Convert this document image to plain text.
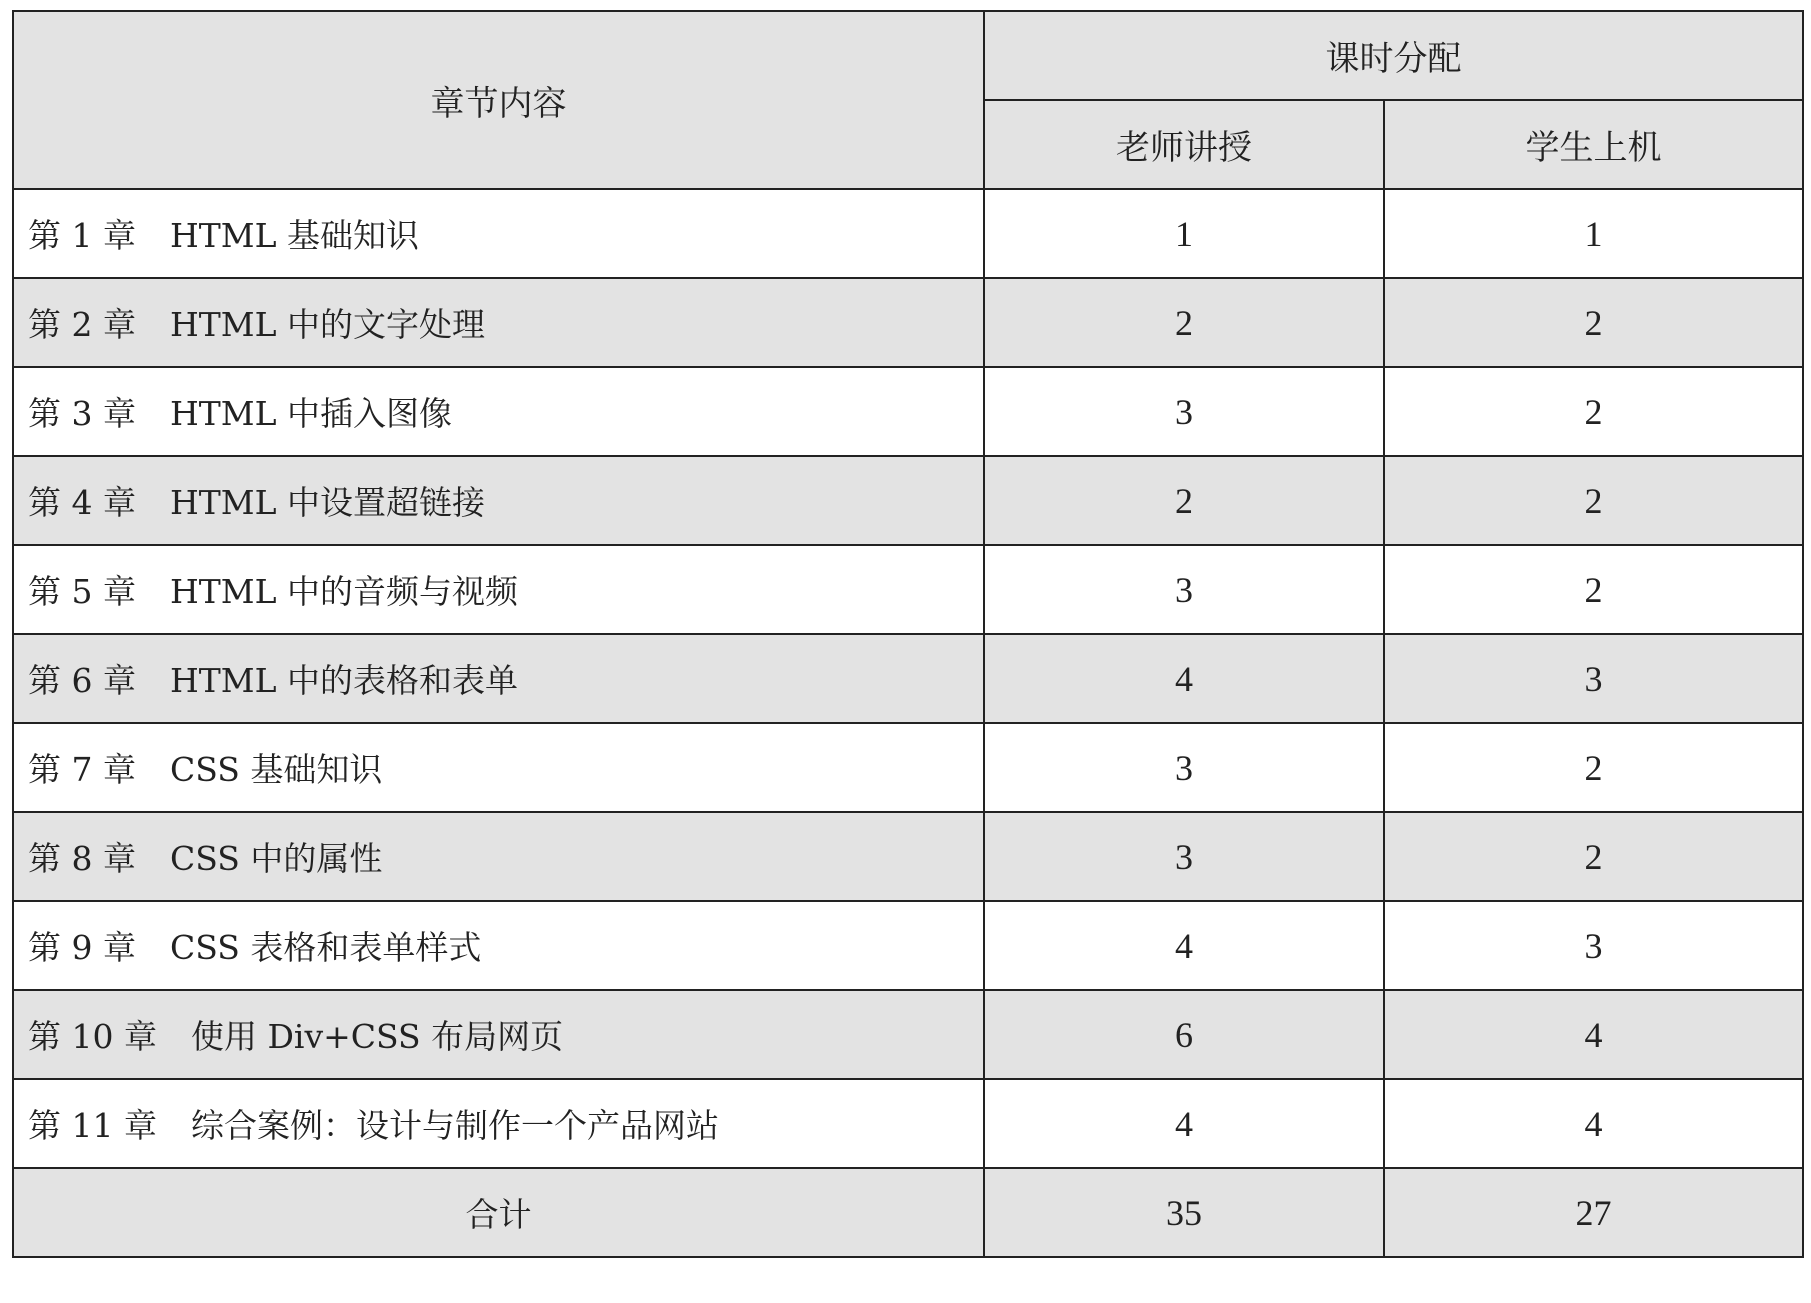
章节内容	课时分配	
	老师讲授	学生上机
第 1 章 HTML 基础知识	1	1
第 2 章 HTML 中的文字处理	2	2
第 3 章 HTML 中插入图像	3	2
第 4 章 HTML 中设置超链接	2	2
第 5 章 HTML 中的音频与视频	3	2
第 6 章 HTML 中的表格和表单	4	3
第 7 章 CSS 基础知识	3	2
第 8 章 CSS 中的属性	3	2
第 9 章 CSS 表格和表单样式	4	3
第 10 章 使用 Div+CSS 布局网页	6	4
第 11 章 综合案例：设计与制作一个产品网站	4	4
合计	35	27
